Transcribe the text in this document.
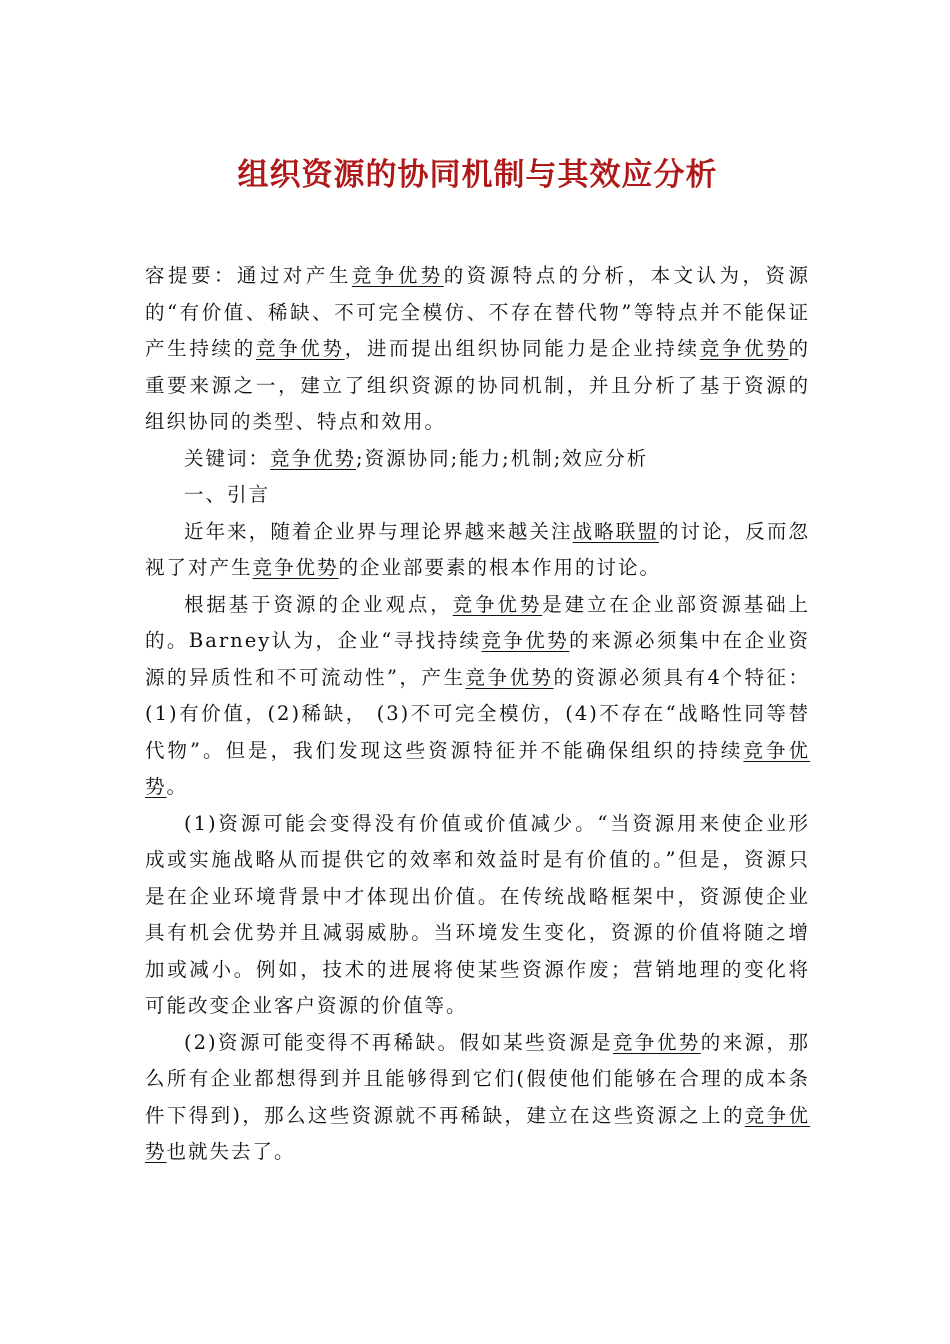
组织资源的协同机制与其效应分析

容提要：通过对产生竞争优势的资源特点的分析，本文认为，资源的“有价值、稀缺、不可完全模仿、不存在替代物”等特点并不能保证产生持续的竞争优势，进而提出组织协同能力是企业持续竞争优势的重要来源之一，建立了组织资源的协同机制，并且分析了基于资源的组织协同的类型、特点和效用。

关键词：竞争优势;资源协同;能力;机制;效应分析

一、引言

近年来，随着企业界与理论界越来越关注战略联盟的讨论，反而忽视了对产生竞争优势的企业部要素的根本作用的讨论。

根据基于资源的企业观点，竞争优势是建立在企业部资源基础上的。Barney认为，企业“寻找持续竞争优势的来源必须集中在企业资源的异质性和不可流动性”，产生竞争优势的资源必须具有4个特征：(1)有价值，(2)稀缺， (3)不可完全模仿，(4)不存在“战略性同等替代物”。但是，我们发现这些资源特征并不能确保组织的持续竞争优势。

(1)资源可能会变得没有价值或价值减少。“当资源用来使企业形成或实施战略从而提供它的效率和效益时是有价值的。”但是，资源只是在企业环境背景中才体现出价值。在传统战略框架中，资源使企业具有机会优势并且减弱威胁。当环境发生变化，资源的价值将随之增加或减小。例如，技术的进展将使某些资源作废；营销地理的变化将可能改变企业客户资源的价值等。

(2)资源可能变得不再稀缺。假如某些资源是竞争优势的来源，那么所有企业都想得到并且能够得到它们(假使他们能够在合理的成本条件下得到)，那么这些资源就不再稀缺，建立在这些资源之上的竞争优势也就失去了。
